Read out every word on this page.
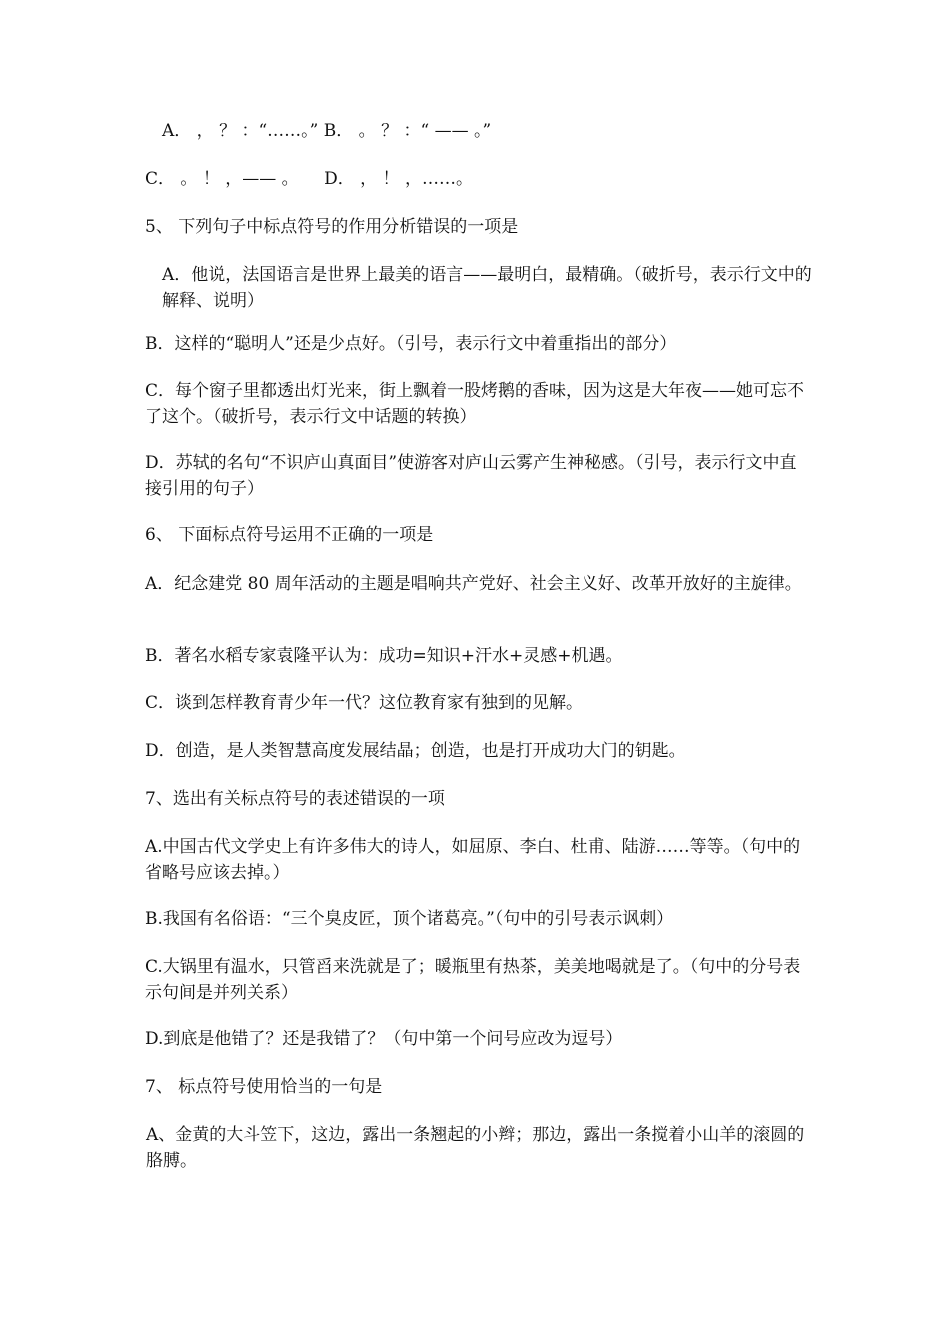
A． ， ？ ：“……。” B． 。 ？ ：“ —— 。”

C． 。 ！ ，—— 。　　D． ， ！ ，……。

5、 下列句子中标点符号的作用分析错误的一项是

A．他说，法国语言是世界上最美的语言——最明白，最精确。（破折号，表示行文中的解释、说明）

B．这样的“聪明人”还是少点好。（引号，表示行文中着重指出的部分）

C．每个窗子里都透出灯光来，街上飘着一股烤鹅的香味，因为这是大年夜——她可忘不了这个。（破折号，表示行文中话题的转换）

D．苏轼的名句“不识庐山真面目”使游客对庐山云雾产生神秘感。（引号，表示行文中直接引用的句子）

6、 下面标点符号运用不正确的一项是

A．纪念建党 80 周年活动的主题是唱响共产党好、社会主义好、改革开放好的主旋律。

B．著名水稻专家袁隆平认为：成功=知识+汗水+灵感+机遇。

C．谈到怎样教育青少年一代？这位教育家有独到的见解。

D．创造，是人类智慧高度发展结晶；创造，也是打开成功大门的钥匙。

7、选出有关标点符号的表述错误的一项

A.中国古代文学史上有许多伟大的诗人，如屈原、李白、杜甫、陆游……等等。（句中的省略号应该去掉。）

B.我国有名俗语：“三个臭皮匠，顶个诸葛亮。”（句中的引号表示讽刺）

C.大锅里有温水，只管舀来洗就是了；暖瓶里有热茶，美美地喝就是了。（句中的分号表示句间是并列关系）

D.到底是他错了？还是我错了？（句中第一个问号应改为逗号）

7、 标点符号使用恰当的一句是

A、金黄的大斗笠下，这边，露出一条翘起的小辫；那边，露出一条搅着小山羊的滚圆的胳膊。
